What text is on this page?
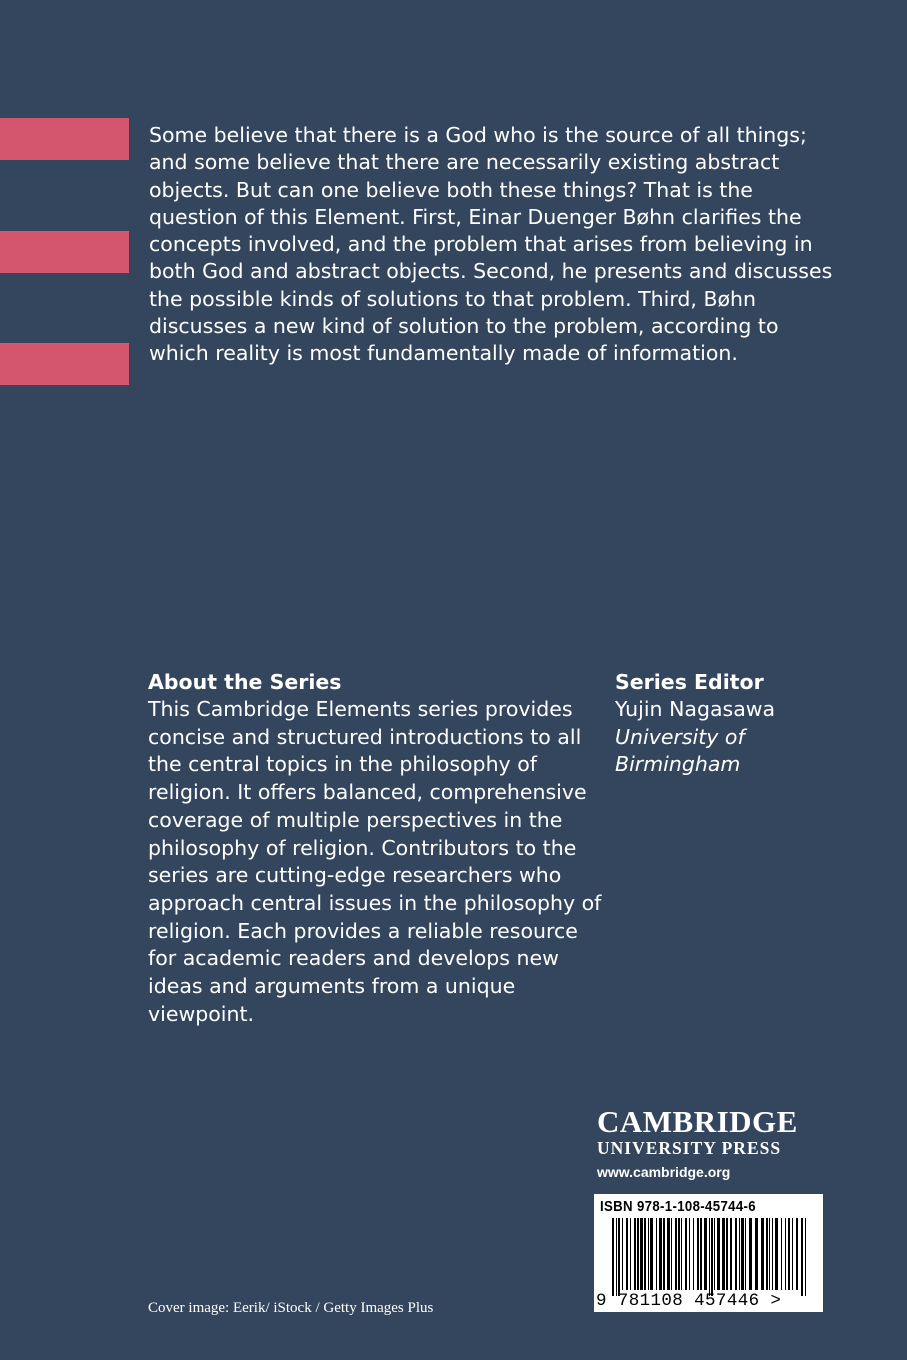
Some believe that there is a God who is the source of all things; and some believe that there are necessarily existing abstract objects. But can one believe both these things? That is the question of this Element. First, Einar Duenger Bøhn clarifies the concepts involved, and the problem that arises from believing in both God and abstract objects. Second, he presents and discusses the possible kinds of solutions to that problem. Third, Bøhn discusses a new kind of solution to the problem, according to which reality is most fundamentally made of information.

About the Series

This Cambridge Elements series provides concise and structured introductions to all the central topics in the philosophy of religion. It offers balanced, comprehensive coverage of multiple perspectives in the philosophy of religion. Contributors to the series are cutting-edge researchers who approach central issues in the philosophy of religion. Each provides a reliable resource for academic readers and develops new ideas and arguments from a unique viewpoint.

Series Editor

Yujin Nagasawa

University of Birmingham

CAMBRIDGE
UNIVERSITY PRESS
www.cambridge.org
ISBN 978-1-108-45744-6
9 781108 457446 >
Cover image: Eerik/ iStock / Getty Images Plus
